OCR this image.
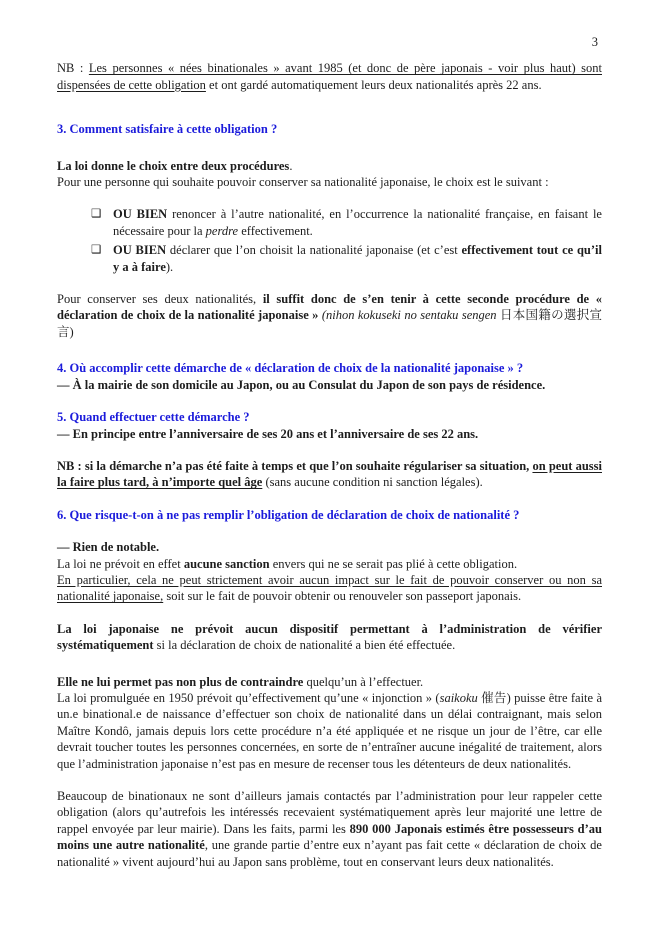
3
NB : Les personnes « nées binationales » avant 1985 (et donc de père japonais - voir plus haut) sont dispensées de cette obligation et ont gardé automatiquement leurs deux nationalités après 22 ans.
3. Comment satisfaire à cette obligation ?
La loi donne le choix entre deux procédures.
Pour une personne qui souhaite pouvoir conserver sa nationalité japonaise, le choix est le suivant :
❑ OU BIEN renoncer à l’autre nationalité, en l’occurrence la nationalité française, en faisant le nécessaire pour la perdre effectivement.
❑ OU BIEN déclarer que l’on choisit la nationalité japonaise (et c’est effectivement tout ce qu’il y a à faire).
Pour conserver ses deux nationalités, il suffit donc de s’en tenir à cette seconde procédure de « déclaration de choix de la nationalité japonaise » (nihon kokuseki no sentaku sengen 日本国籍の選択宣言)
4. Où accomplir cette démarche de « déclaration de choix de la nationalité japonaise » ?
— À la mairie de son domicile au Japon, ou au Consulat du Japon de son pays de résidence.
5. Quand effectuer cette démarche ?
— En principe entre l’anniversaire de ses 20 ans et l’anniversaire de ses 22 ans.
NB : si la démarche n’a pas été faite à temps et que l’on souhaite régulariser sa situation, on peut aussi la faire plus tard, à n’importe quel âge (sans aucune condition ni sanction légales).
6. Que risque-t-on à ne pas remplir l’obligation de déclaration de choix de nationalité ?
— Rien de notable.
La loi ne prévoit en effet aucune sanction envers qui ne se serait pas plié à cette obligation.
En particulier, cela ne peut strictement avoir aucun impact sur le fait de pouvoir conserver ou non sa nationalité japonaise, soit sur le fait de pouvoir obtenir ou renouveler son passeport japonais.
La loi japonaise ne prévoit aucun dispositif permettant à l’administration de vérifier systématiquement si la déclaration de choix de nationalité a bien été effectuée.
Elle ne lui permet pas non plus de contraindre quelqu’un à l’effectuer.
La loi promulguée en 1950 prévoit qu’effectivement qu’une « injonction » (saikoku 催告) puisse être faite à un.e binational.e de naissance d’effectuer son choix de nationalité dans un délai contraignant, mais selon Maître Kondô, jamais depuis lors cette procédure n’a été appliquée et ne risque un jour de l’être, car elle devrait toucher toutes les personnes concernées, en sorte de n’entraîner aucune inégalité de traitement, alors que l’administration japonaise n’est pas en mesure de recenser tous les détenteurs de deux nationalités.
Beaucoup de binationaux ne sont d’ailleurs jamais contactés par l’administration pour leur rappeler cette obligation (alors qu’autrefois les intéressés recevaient systématiquement après leur majorité une lettre de rappel envoyée par leur mairie). Dans les faits, parmi les 890 000 Japonais estimés être possesseurs d’au moins une autre nationalité, une grande partie d’entre eux n’ayant pas fait cette « déclaration de choix de nationalité » vivent aujourd’hui au Japon sans problème, tout en conservant leurs deux nationalités.
